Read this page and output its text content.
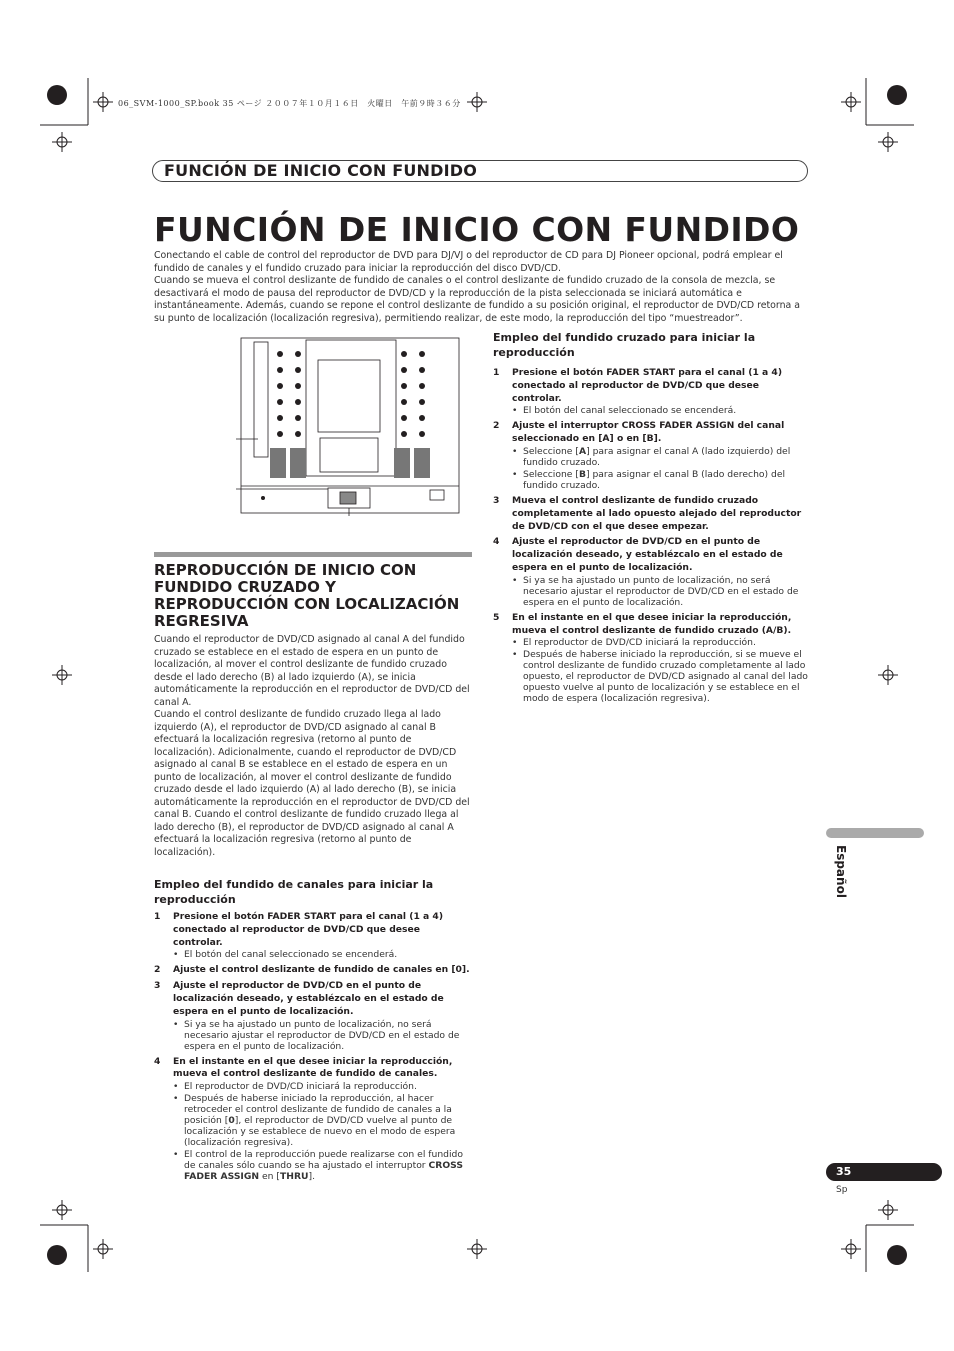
06_SVM-1000_SP.book 35 ページ ２００７年１０月１６日　火曜日　午前９時３６分
FUNCIÓN DE INICIO CON FUNDIDO
FUNCIÓN DE INICIO CON FUNDIDO

Conectando el cable de control del reproductor de DVD para DJ/VJ o del reproductor de CD para DJ Pioneer opcional, podrá emplear el fundido de canales y el fundido cruzado para iniciar la reproducción del disco DVD/CD.

Cuando se mueva el control deslizante de fundido de canales o el control deslizante de fundido cruzado de la consola de mezcla, se desactivará el modo de pausa del reproductor de DVD/CD y la reproducción de la pista seleccionada se iniciará automática e instantáneamente. Además, cuando se repone el control deslizante de fundido a su posición original, el reproductor de DVD/CD retorna a su punto de localización (localización regresiva), permitiendo realizar, de este modo, la reproducción del tipo “muestreador”.

REPRODUCCIÓN DE INICIO CON FUNDIDO CRUZADO Y REPRODUCCIÓN CON LOCALIZACIÓN REGRESIVA

Cuando el reproductor de DVD/CD asignado al canal A del fundido cruzado se establece en el estado de espera en un punto de localización, al mover el control deslizante de fundido cruzado desde el lado derecho (B) al lado izquierdo (A), se inicia automáticamente la reproducción en el reproductor de DVD/CD del canal A.

Cuando el control deslizante de fundido cruzado llega al lado izquierdo (A), el reproductor de DVD/CD asignado al canal B efectuará la localización regresiva (retorno al punto de localización). Adicionalmente, cuando el reproductor de DVD/CD asignado al canal B se establece en el estado de espera en un punto de localización, al mover el control deslizante de fundido cruzado desde el lado izquierdo (A) al lado derecho (B), se inicia automáticamente la reproducción en el reproductor de DVD/CD del canal B. Cuando el control deslizante de fundido cruzado llega al lado derecho (B), el reproductor de DVD/CD asignado al canal A efectuará la localización regresiva (retorno al punto de localización).

Empleo del fundido de canales para iniciar la reproducción
1	Presione el botón FADER START para el canal (1 a 4) conectado al reproductor de DVD/CD que desee controlar.
• El botón del canal seleccionado se encenderá.
2	Ajuste el control deslizante de fundido de canales en [0].
3	Ajuste el reproductor de DVD/CD en el punto de localización deseado, y establézcalo en el estado de espera en el punto de localización.
• Si ya se ha ajustado un punto de localización, no será necesario ajustar el reproductor de DVD/CD en el estado de espera en el punto de localización.
4	En el instante en el que desee iniciar la reproducción, mueva el control deslizante de fundido de canales.
• El reproductor de DVD/CD iniciará la reproducción.
• Después de haberse iniciado la reproducción, al hacer retroceder el control deslizante de fundido de canales a la posición [0], el reproductor de DVD/CD vuelve al punto de localización y se establece de nuevo en el modo de espera (localización regresiva).
• El control de la reproducción puede realizarse con el fundido de canales sólo cuando se ha ajustado el interruptor CROSS FADER ASSIGN en [THRU].
Empleo del fundido cruzado para iniciar la reproducción
1	Presione el botón FADER START para el canal (1 a 4) conectado al reproductor de DVD/CD que desee controlar.
• El botón del canal seleccionado se encenderá.
2	Ajuste el interruptor CROSS FADER ASSIGN del canal seleccionado en [A] o en [B].
• Seleccione [A] para asignar el canal A (lado izquierdo) del fundido cruzado.
• Seleccione [B] para asignar el canal B (lado derecho) del fundido cruzado.
3	Mueva el control deslizante de fundido cruzado completamente al lado opuesto alejado del reproductor de DVD/CD con el que desee empezar.
4	Ajuste el reproductor de DVD/CD en el punto de localización deseado, y establézcalo en el estado de espera en el punto de localización.
• Si ya se ha ajustado un punto de localización, no será necesario ajustar el reproductor de DVD/CD en el estado de espera en el punto de localización.
5	En el instante en el que desee iniciar la reproducción, mueva el control deslizante de fundido cruzado (A/B).
• El reproductor de DVD/CD iniciará la reproducción.
• Después de haberse iniciado la reproducción, si se mueve el control deslizante de fundido cruzado completamente al lado opuesto, el reproductor de DVD/CD asignado al canal del lado opuesto vuelve al punto de localización y se establece en el modo de espera (localización regresiva).
Español
35
Sp
